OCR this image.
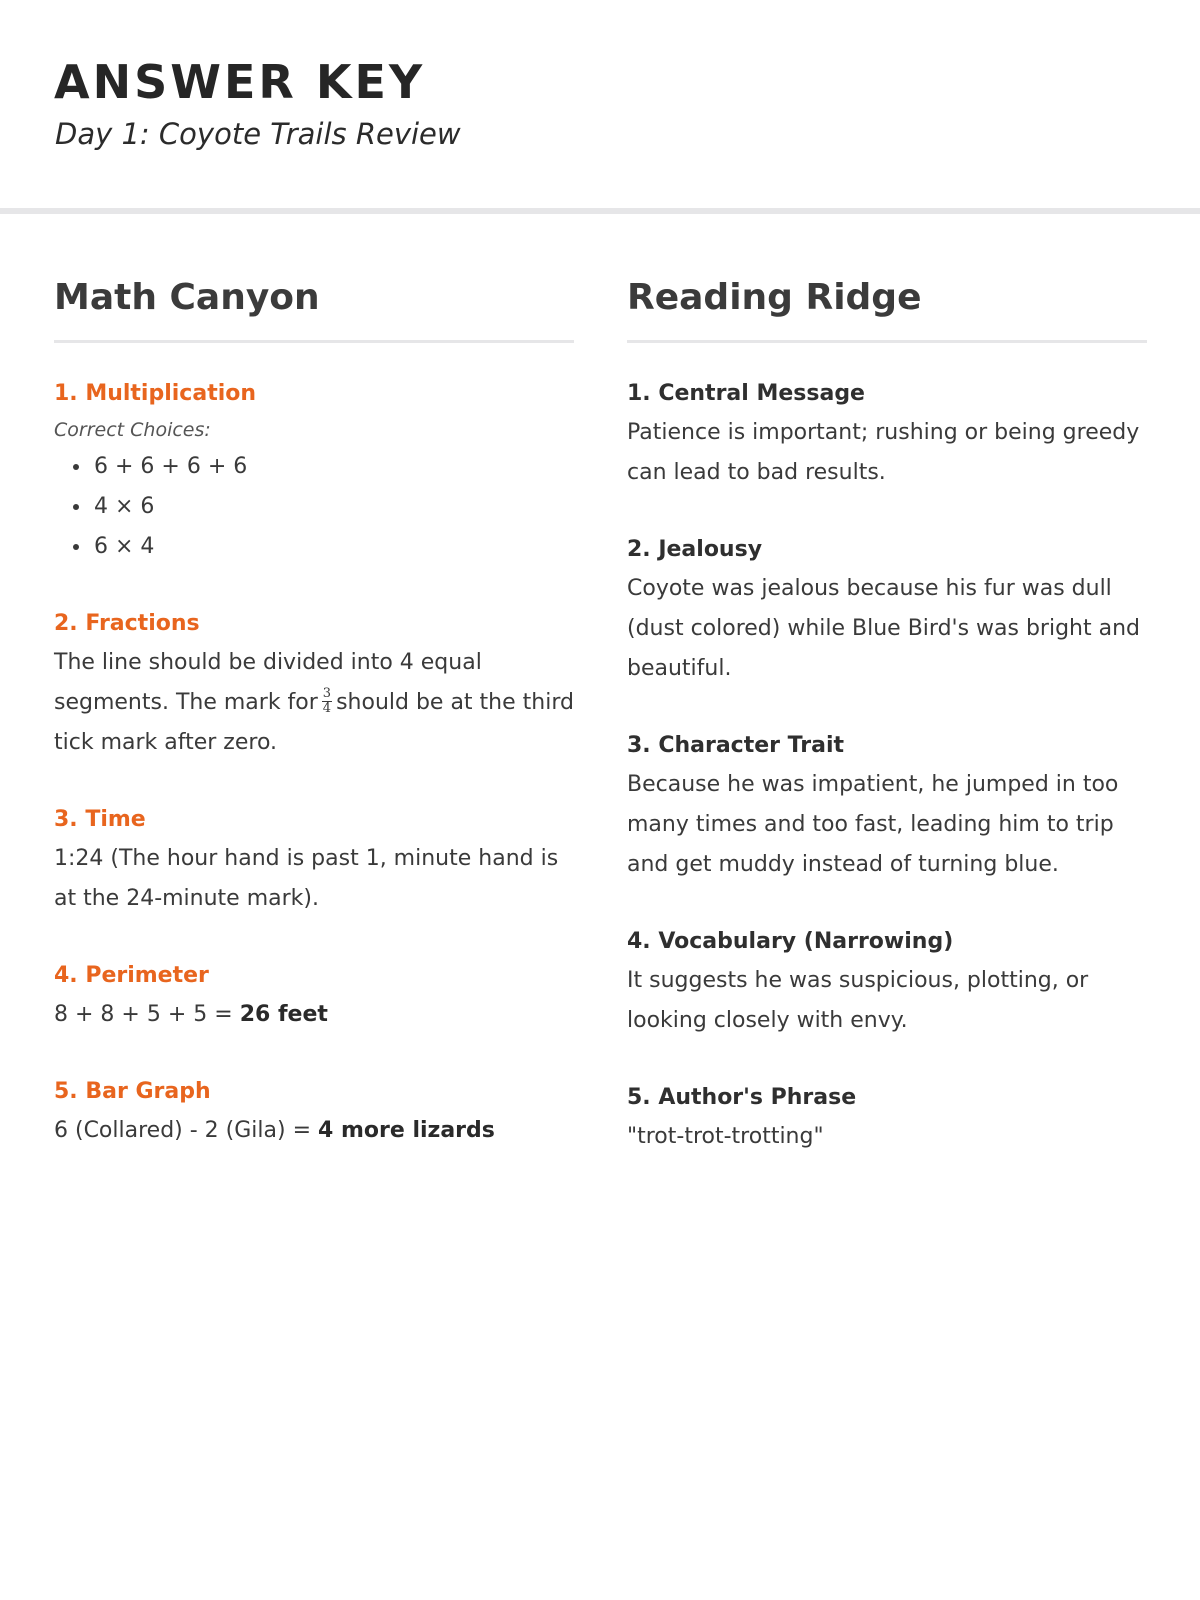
ANSWER KEY

Day 1: Coyote Trails Review

Math Canyon

1. Multiplication

Correct Choices:

• 6 + 6 + 6 + 6
• 4 × 6
• 6 × 4

2. Fractions

The line should be divided into 4 equal segments. The mark for $\frac{3}{4}$ should be at the third tick mark after zero.

3. Time

1:24 (The hour hand is past 1, minute hand is at the 24-minute mark).

4. Perimeter

8 + 8 + 5 + 5 = 26 feet

5. Bar Graph

6 (Collared) - 2 (Gila) = 4 more lizards

Reading Ridge

1. Central Message

Patience is important; rushing or being greedy can lead to bad results.

2. Jealousy

Coyote was jealous because his fur was dull (dust colored) while Blue Bird's was bright and beautiful.

3. Character Trait

Because he was impatient, he jumped in too many times and too fast, leading him to trip and get muddy instead of turning blue.

4. Vocabulary (Narrowing)

It suggests he was suspicious, plotting, or looking closely with envy.

5. Author's Phrase

"trot-trot-trotting"
